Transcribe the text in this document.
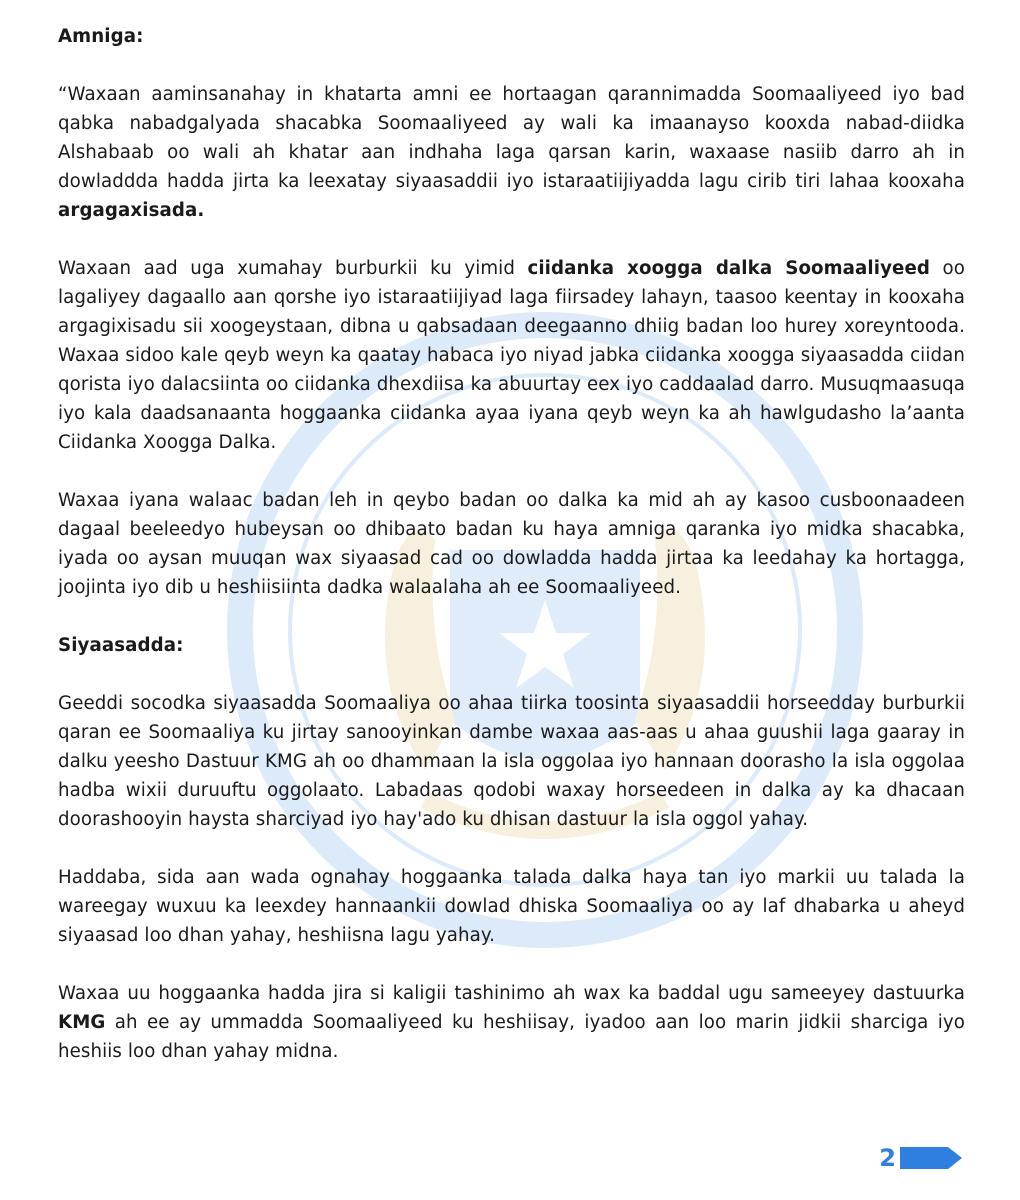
Amniga:

“Waxaan aaminsanahay in khatarta amni ee hortaagan qarannimadda Soomaaliyeed iyo bad qabka nabadgalyada shacabka Soomaaliyeed ay wali ka imaanayso kooxda nabad-diidka Alshabaab oo wali ah khatar aan indhaha laga qarsan karin, waxaase nasiib darro ah in dowladdda hadda jirta ka leexatay siyaasaddii iyo istaraatiijiyadda lagu cirib tiri lahaa kooxaha argagaxisada.

Waxaan aad uga xumahay burburkii ku yimid ciidanka xoogga dalka Soomaaliyeed oo lagaliyey dagaallo aan qorshe iyo istaraatiijiyad laga fiirsadey lahayn, taasoo keentay in kooxaha argagixisadu sii xoogeystaan, dibna u qabsadaan deegaanno dhiig badan loo hurey xoreyntooda. Waxaa sidoo kale qeyb weyn ka qaatay habaca iyo niyad jabka ciidanka xoogga siyaasadda ciidan qorista iyo dalacsiinta oo ciidanka dhexdiisa ka abuurtay eex iyo caddaalad darro. Musuqmaasuqa iyo kala daadsanaanta hoggaanka ciidanka ayaa iyana qeyb weyn ka ah hawlgudasho la’aanta Ciidanka Xoogga Dalka.

Waxaa iyana walaac badan leh in qeybo badan oo dalka ka mid ah ay kasoo cusboonaadeen dagaal beeleedyo hubeysan oo dhibaato badan ku haya amniga qaranka iyo midka shacabka, iyada oo aysan muuqan wax siyaasad cad oo dowladda hadda jirtaa ka leedahay ka hortagga, joojinta iyo dib u heshiisiinta dadka walaalaha ah ee Soomaaliyeed.

Siyaasadda:

Geeddi socodka siyaasadda Soomaaliya oo ahaa tiirka toosinta siyaasaddii horseedday burburkii qaran ee Soomaaliya ku jirtay sanooyinkan dambe waxaa aas-aas u ahaa guushii laga gaaray in dalku yeesho Dastuur KMG ah oo dhammaan la isla oggolaa iyo hannaan doorasho la isla oggolaa hadba wixii duruuftu oggolaato. Labadaas qodobi waxay horseedeen in dalka ay ka dhacaan doorashooyin haysta sharciyad iyo hay'ado ku dhisan dastuur la isla oggol yahay.

Haddaba, sida aan wada ognahay hoggaanka talada dalka haya tan iyo markii uu talada la wareegay wuxuu ka leexdey hannaankii dowlad dhiska Soomaaliya oo ay laf dhabarka u aheyd siyaasad loo dhan yahay, heshiisna lagu yahay.

Waxaa uu hoggaanka hadda jira si kaligii tashinimo ah wax ka baddal ugu sameeyey dastuurka KMG ah ee ay ummadda Soomaaliyeed ku heshiisay, iyadoo aan loo marin jidkii sharciga iyo heshiis loo dhan yahay midna.

2
